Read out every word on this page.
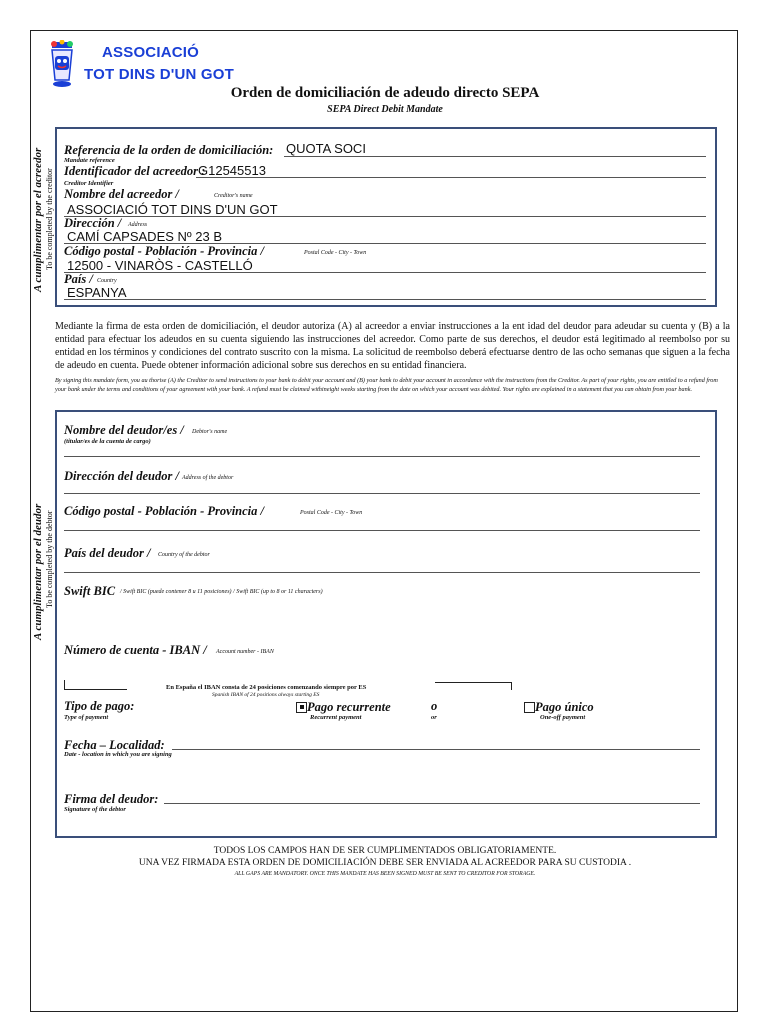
ASSOCIACIÓ
TOT DINS D'UN GOT
Orden de domiciliación de adeudo directo SEPA
SEPA Direct Debit Mandate
A cumplimentar por el acreedor To be completed by the creditor
Referencia de la orden de domiciliación: QUOTA SOCI
Mandate reference
Identificador del acreedor :
G12545513
Creditor Identifier
Nombre del acreedor /	Creditor's name
ASSOCIACIÓ TOT DINS D'UN GOT
Dirección / Address
CAMÍ CAPSADES Nº 23 B
Código postal - Población - Provincia /	Postal Code - City - Town
12500 - VINARÒS - CASTELLÓ
País / Country
ESPANYA
Mediante la firma de esta orden de domiciliación, el deudor autoriza (A) al acreedor a enviar instrucciones a la ent idad del deudor para adeudar su cuenta y (B) a la entidad para efectuar los adeudos en su cuenta siguiendo las instrucciones del acreedor. Como parte de sus derechos, el deudor está legitimado al reembolso por su entidad en los términos y condiciones del contrato suscrito con la misma. La solicitud de reembolso deberá efectuarse dentro de las ocho semanas que siguen a la fecha de adeudo en cuenta. Puede obtener información adicional sobre sus derechos en su entidad financiera.
By signing this mandate form, you au thorise (A) the Creditor to send instructions to your bank to debit your account and (B) your bank to debit your account in accordance with the instructions from the Creditor. As part of your rights, you are entitled to a refund from your bank under the terms and conditions of your agreement with your bank. A refund must be claimed withineight weeks starting from the date on which your account was debited. Your rights are explained in a statement that you can obtain from your bank.
A cumplimentar por el deudor To be completed by the debtor
Nombre del deudor/es / Debtor's name
(titular/es de la cuenta de cargo)
Dirección del deudor / Address of the debtor
Código postal - Población - Provincia /	Postal Code - City - Town
País del deudor / Country of the debtor
Swift BIC / Swift BIC (puede contener 8 u 11 posiciones) / Swift BIC (up to 8 or 11 characters)
Número de cuenta - IBAN / Account number - IBAN
En España el IBAN consta de 24 posiciones comenzando siempre por ES
Spanish IBAN of 24 positions always starting ES
Tipo de pago:
Type of payment
Pago recurrente
Recurrent payment
o
or
Pago único
One-off payment
Fecha – Localidad:
Date - location in which you are signing
Firma del deudor:
Signature of the debtor
TODOS LOS CAMPOS HAN DE SER CUMPLIMENTADOS OBLIGATORIAMENTE.
UNA VEZ FIRMADA ESTA ORDEN DE DOMICILIACIÓN DEBE SER ENVIADA AL ACREEDOR PARA SU CUSTODIA .
ALL GAPS ARE MANDATORY. ONCE THIS MANDATE HAS BEEN SIGNED MUST BE SENT TO CREDITOR FOR STORAGE.
